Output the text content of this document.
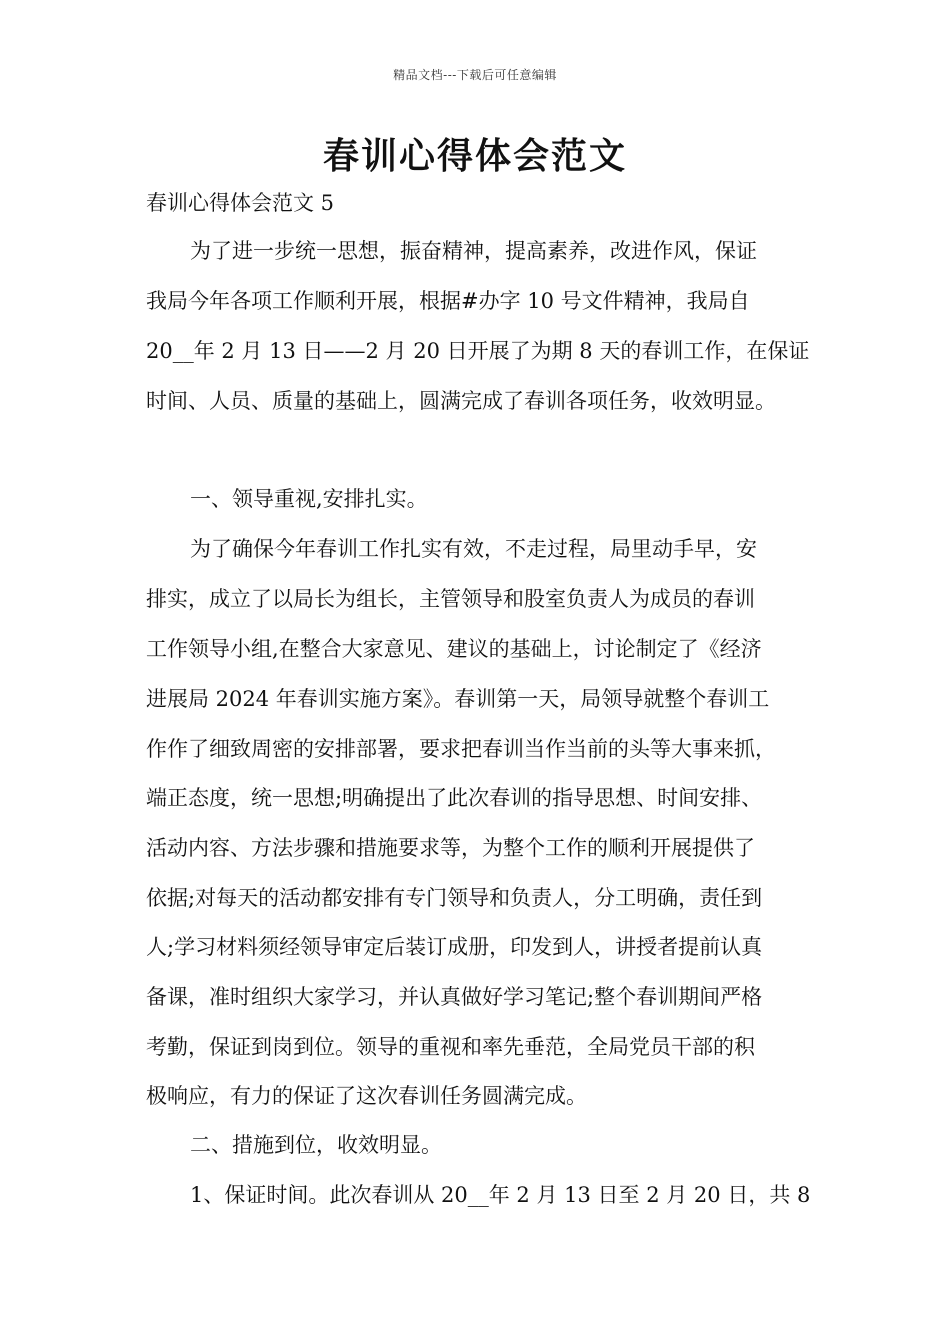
精品文档---下载后可任意编辑
春训心得体会范文

春训心得体会范文 5

为了进一步统一思想，振奋精神，提高素养，改进作风，保证

我局今年各项工作顺利开展，根据#办字 10 号文件精神，我局自

20__年 2 月 13 日——2 月 20 日开展了为期 8 天的春训工作，在保证

时间、人员、质量的基础上，圆满完成了春训各项任务，收效明显。

一、领导重视,安排扎实。

为了确保今年春训工作扎实有效，不走过程，局里动手早，安

排实，成立了以局长为组长，主管领导和股室负责人为成员的春训

工作领导小组,在整合大家意见、建议的基础上，讨论制定了《经济

进展局 2024 年春训实施方案》。春训第一天，局领导就整个春训工

作作了细致周密的安排部署，要求把春训当作当前的头等大事来抓，

端正态度，统一思想;明确提出了此次春训的指导思想、时间安排、

活动内容、方法步骤和措施要求等，为整个工作的顺利开展提供了

依据;对每天的活动都安排有专门领导和负责人，分工明确，责任到

人;学习材料须经领导审定后装订成册，印发到人，讲授者提前认真

备课，准时组织大家学习，并认真做好学习笔记;整个春训期间严格

考勤，保证到岗到位。领导的重视和率先垂范，全局党员干部的积

极响应，有力的保证了这次春训任务圆满完成。

二、措施到位，收效明显。

1、保证时间。此次春训从 20__年 2 月 13 日至 2 月 20 日，共 8
